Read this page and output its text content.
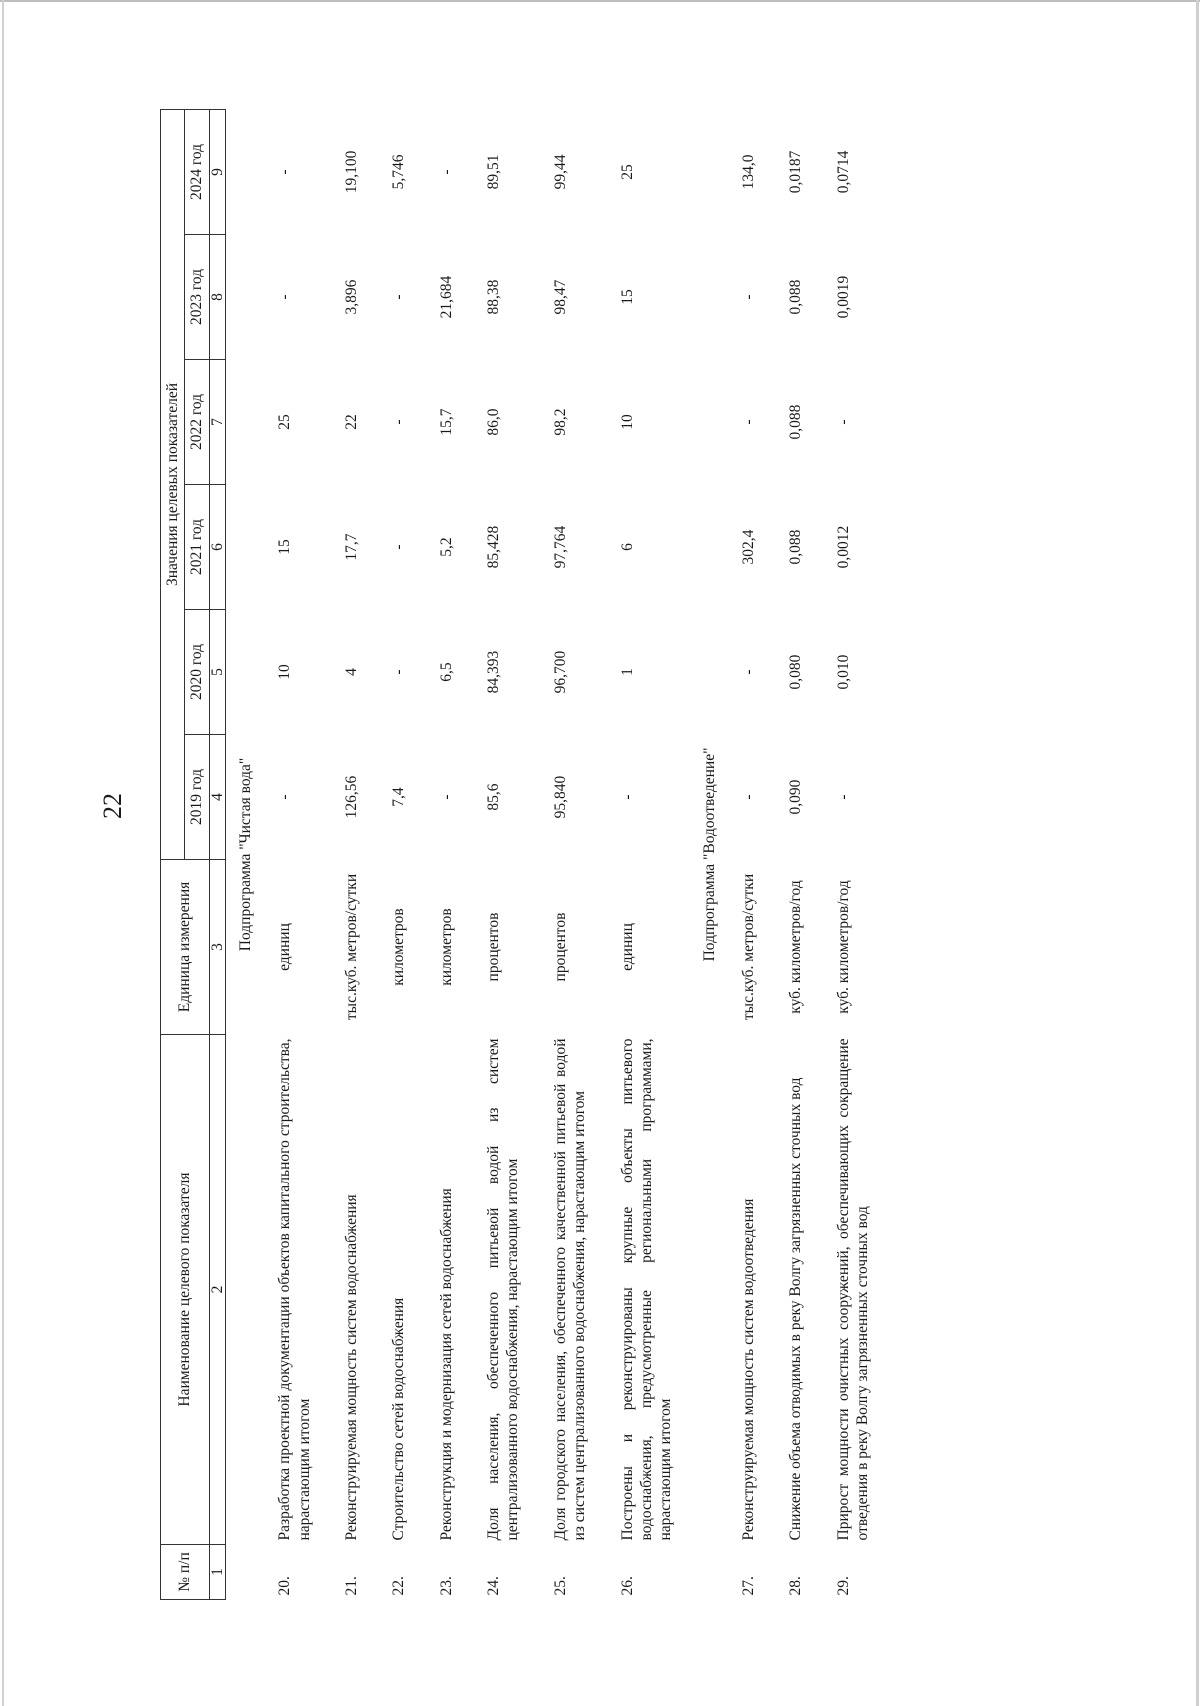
22
№ п/п	Наименование целевого показателя	Единица измерения	Значения целевых показателей					
			2019 год	2020 год	2021 год	2022 год	2023 год	2024 год
1	2	3	4	5	6	7	8	9
Подпрограмма "Чистая вода"								
20.	Разработка проектной документации объектов капитального строительства, нарастающим итогом	единиц	-	10	15	25	-	-
21.	Реконструируемая мощность систем водоснабжения	тыс.куб. метров/сутки	126,56	4	17,7	22	3,896	19,100
22.	Строительство сетей водоснабжения	километров	7,4	-	-	-	-	5,746
23.	Реконструкция и модернизация сетей водоснабжения	километров	-	6,5	5,2	15,7	21,684	-
24.	Доля населения, обеспеченного питьевой водой из систем централизованного водоснабжения, нарастающим итогом	процентов	85,6	84,393	85,428	86,0	88,38	89,51
25.	Доля городского населения, обеспеченного качественной питьевой водой из систем централизованного водоснабжения, нарастающим итогом	процентов	95,840	96,700	97,764	98,2	98,47	99,44
26.	Построены и реконструированы крупные объекты питьевого водоснабжения, предусмотренные региональными программами, нарастающим итогом	единиц	-	1	6	10	15	25
Подпрограмма "Водоотведение"								
27.	Реконструируемая мощность систем водоотведения	тыс.куб. метров/сутки	-	-	302,4	-	-	134,0
28.	Снижение объема отводимых в реку Волгу загрязненных сточных вод	куб. километров/год	0,090	0,080	0,088	0,088	0,088	0,0187
29.	Прирост мощности очистных сооружений, обеспечивающих сокращение отведения в реку Волгу загрязненных сточных вод	куб. километров/год	-	0,010	0,0012	-	0,0019	0,0714
